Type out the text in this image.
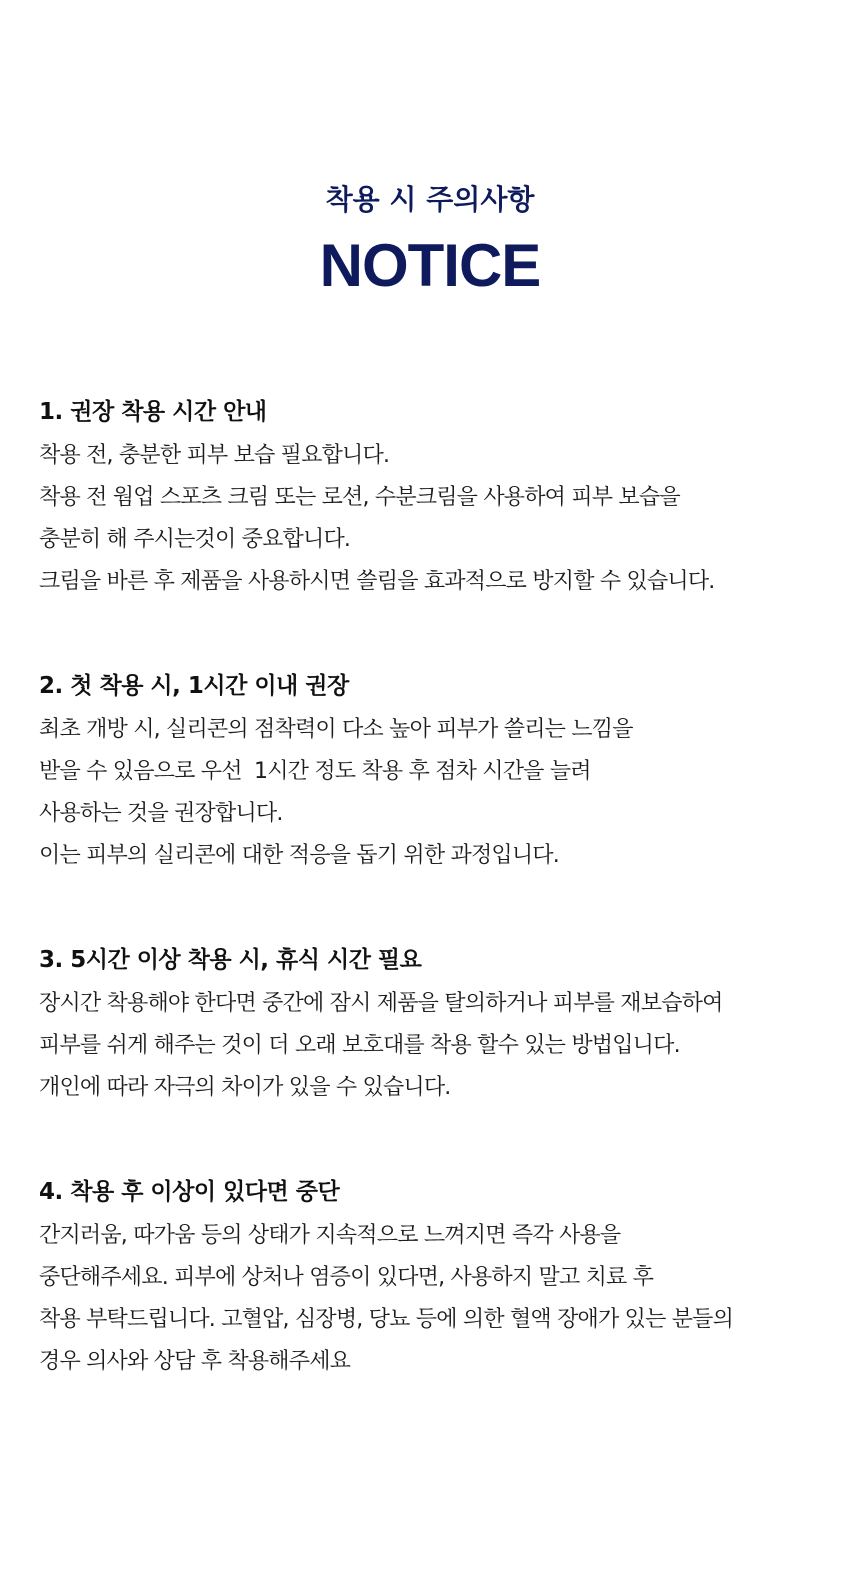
착용 시 주의사항
NOTICE
1. 권장 착용 시간 안내
착용 전, 충분한 피부 보습 필요합니다.
착용 전 웜업 스포츠 크림 또는 로션, 수분크림을 사용하여 피부 보습을
충분히 해 주시는것이 중요합니다.
크림을 바른 후 제품을 사용하시면 쓸림을 효과적으로 방지할 수 있습니다.
2. 첫 착용 시, 1시간 이내 권장
최초 개방 시, 실리콘의 점착력이 다소 높아 피부가 쓸리는 느낌을
받을 수 있음으로 우선  1시간 정도 착용 후 점차 시간을 늘려
사용하는 것을 권장합니다.
이는 피부의 실리콘에 대한 적응을 돕기 위한 과정입니다.
3. 5시간 이상 착용 시, 휴식 시간 필요
장시간 착용해야 한다면 중간에 잠시 제품을 탈의하거나 피부를 재보습하여
피부를 쉬게 해주는 것이 더 오래 보호대를 착용 할수 있는 방법입니다.
개인에 따라 자극의 차이가 있을 수 있습니다.
4. 착용 후 이상이 있다면 중단
간지러움, 따가움 등의 상태가 지속적으로 느껴지면 즉각 사용을
중단해주세요. 피부에 상처나 염증이 있다면, 사용하지 말고 치료 후
착용 부탁드립니다. 고혈압, 심장병, 당뇨 등에 의한 혈액 장애가 있는 분들의
경우 의사와 상담 후 착용해주세요
